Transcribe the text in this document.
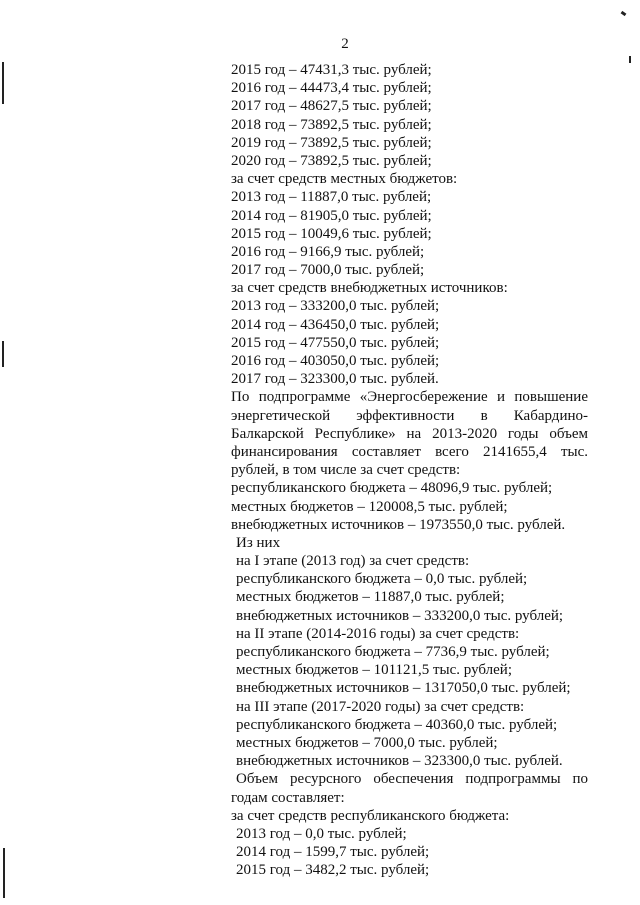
2
2015 год – 47431,3 тыс. рублей;
2016 год – 44473,4 тыс. рублей;
2017 год – 48627,5 тыс. рублей;
2018 год – 73892,5 тыс. рублей;
2019 год – 73892,5 тыс. рублей;
2020 год – 73892,5 тыс. рублей;
за счет средств местных бюджетов:
2013 год – 11887,0 тыс. рублей;
2014 год – 81905,0 тыс. рублей;
2015 год – 10049,6 тыс. рублей;
2016 год – 9166,9 тыс. рублей;
2017 год – 7000,0 тыс. рублей;
за счет средств внебюджетных источников:
2013 год – 333200,0 тыс. рублей;
2014 год – 436450,0 тыс. рублей;
2015 год – 477550,0 тыс. рублей;
2016 год – 403050,0 тыс. рублей;
2017 год – 323300,0 тыс. рублей.
По подпрограмме «Энергосбережение и повышение
энергетической эффективности в Кабардино-
Балкарской Республике» на 2013-2020 годы объем
финансирования составляет всего 2141655,4 тыс.
рублей, в том числе за счет средств:
республиканского бюджета – 48096,9 тыс. рублей;
местных бюджетов – 120008,5 тыс. рублей;
внебюджетных источников – 1973550,0 тыс. рублей.
Из них
на I этапе (2013 год) за счет средств:
республиканского бюджета – 0,0 тыс. рублей;
местных бюджетов – 11887,0 тыс. рублей;
внебюджетных источников – 333200,0 тыс. рублей;
на II этапе (2014-2016 годы) за счет средств:
республиканского бюджета – 7736,9 тыс. рублей;
местных бюджетов – 101121,5 тыс. рублей;
внебюджетных источников – 1317050,0 тыс. рублей;
на III этапе (2017-2020 годы) за счет средств:
республиканского бюджета – 40360,0 тыс. рублей;
местных бюджетов – 7000,0 тыс. рублей;
внебюджетных источников – 323300,0 тыс. рублей.
Объем ресурсного обеспечения подпрограммы по
годам составляет:
за счет средств республиканского бюджета:
2013 год – 0,0 тыс. рублей;
2014 год – 1599,7 тыс. рублей;
2015 год – 3482,2 тыс. рублей;
